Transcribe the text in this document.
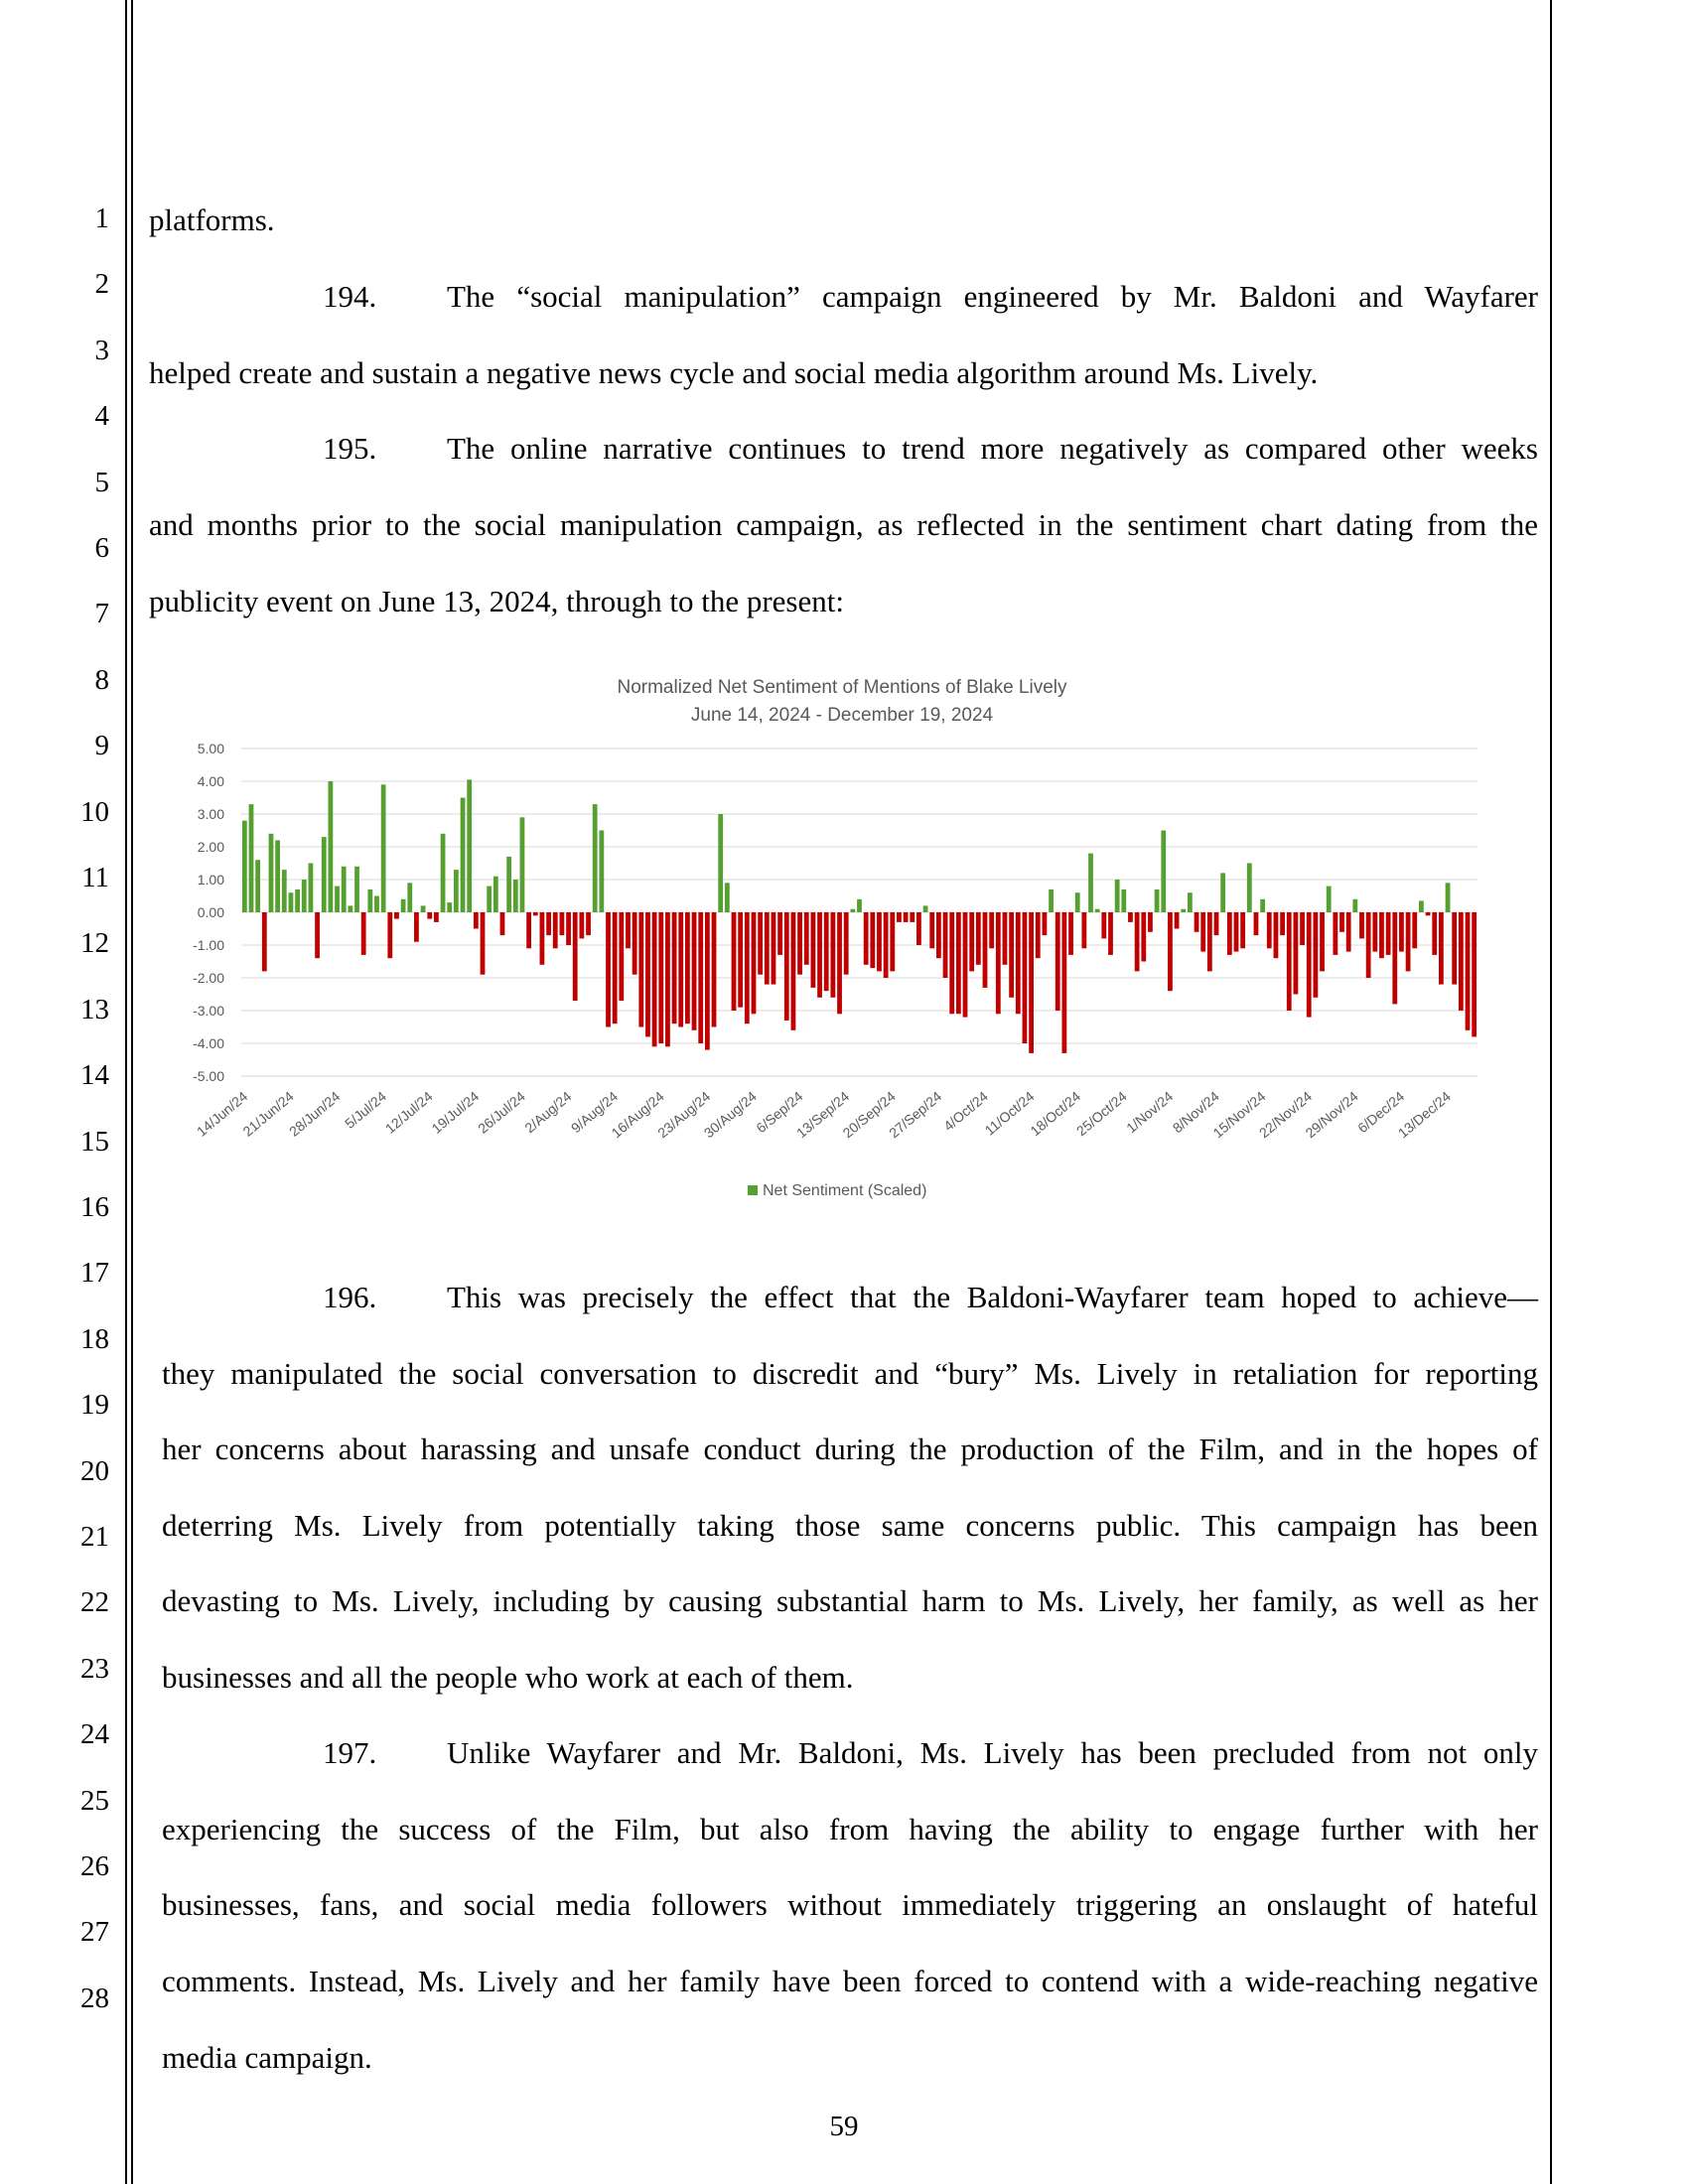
1
2
3
4
5
6
7
8
9
10
11
12
13
14
15
16
17
18
19
20
21
22
23
24
25
26
27
28
platforms.
194. The “social manipulation” campaign engineered by Mr. Baldoni and Wayfarer
helped create and sustain a negative news cycle and social media algorithm around Ms. Lively.
195. The online narrative continues to trend more negatively as compared other weeks
and months prior to the social manipulation campaign, as reflected in the sentiment chart dating from the
publicity event on June 13, 2024, through to the present:
Normalized Net Sentiment of Mentions of Blake Lively
June 14, 2024 - December 19, 2024
5.00
4.00
3.00
2.00
1.00
0.00
-1.00
-2.00
-3.00
-4.00
-5.00
14/Jun/24
21/Jun/24
28/Jun/24
5/Jul/24
12/Jul/24
19/Jul/24
26/Jul/24
2/Aug/24
9/Aug/24
16/Aug/24
23/Aug/24
30/Aug/24
6/Sep/24
13/Sep/24
20/Sep/24
27/Sep/24
4/Oct/24
11/Oct/24
18/Oct/24
25/Oct/24
1/Nov/24
8/Nov/24
15/Nov/24
22/Nov/24
29/Nov/24
6/Dec/24
13/Dec/24
Net Sentiment (Scaled)
196. This was precisely the effect that the Baldoni-Wayfarer team hoped to achieve—
they manipulated the social conversation to discredit and “bury” Ms. Lively in retaliation for reporting
her concerns about harassing and unsafe conduct during the production of the Film, and in the hopes of
deterring Ms. Lively from potentially taking those same concerns public. This campaign has been
devasting to Ms. Lively, including by causing substantial harm to Ms. Lively, her family, as well as her
businesses and all the people who work at each of them.
197. Unlike Wayfarer and Mr. Baldoni, Ms. Lively has been precluded from not only
experiencing the success of the Film, but also from having the ability to engage further with her
businesses, fans, and social media followers without immediately triggering an onslaught of hateful
comments. Instead, Ms. Lively and her family have been forced to contend with a wide-reaching negative
media campaign.
59
